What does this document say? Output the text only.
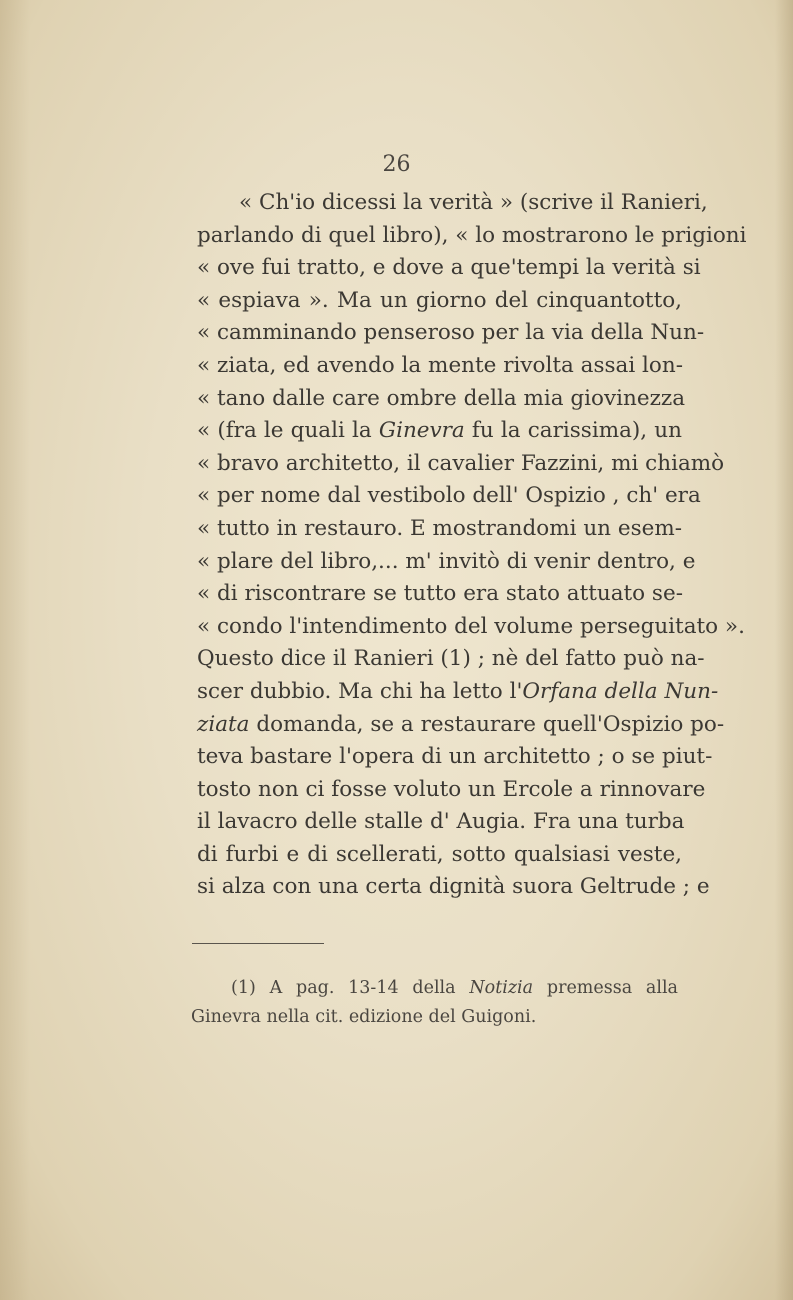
26
« Ch'io dicessi la verità » (scrive il Ranieri,
parlando di quel libro), « lo mostrarono le prigioni
« ove fui tratto, e dove a que'tempi la verità si
« espiava ». Ma un giorno del cinquantotto,
« camminando penseroso per la via della Nun-
« ziata, ed avendo la mente rivolta assai lon-
« tano dalle care ombre della mia giovinezza
« (fra le quali la Ginevra fu la carissima), un
« bravo architetto, il cavalier Fazzini, mi chiamò
« per nome dal vestibolo dell' Ospizio , ch' era
« tutto in restauro. E mostrandomi un esem-
« plare del libro,... m' invitò di venir dentro, e
« di riscontrare se tutto era stato attuato se-
« condo l'intendimento del volume perseguitato ».
Questo dice il Ranieri (1) ; nè del fatto può na-
scer dubbio. Ma chi ha letto l'Orfana della Nun-
ziata domanda, se a restaurare quell'Ospizio po-
teva bastare l'opera di un architetto ; o se piut-
tosto non ci fosse voluto un Ercole a rinnovare
il lavacro delle stalle d' Augia. Fra una turba
di furbi e di scellerati, sotto qualsiasi veste,
si alza con una certa dignità suora Geltrude ; e
(1) A pag. 13-14 della Notizia premessa alla
Ginevra nella cit. edizione del Guigoni.
